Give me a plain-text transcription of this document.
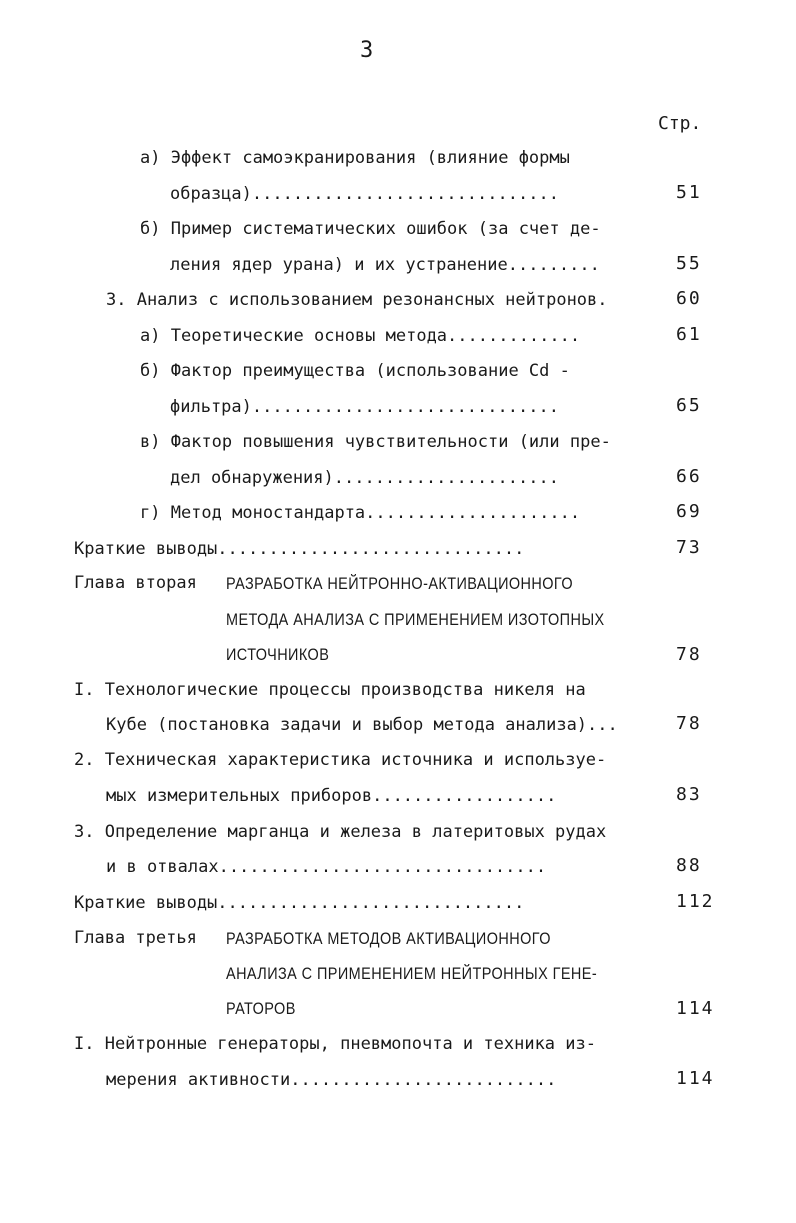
3
Стр.
а) Эффект самоэкранирования (влияние формы
образца)..............................	51
б) Пример систематических ошибок (за счет де-
ления ядер урана) и их устранение.........	55
3. Анализ с использованием резонансных нейтронов.	60
а) Теоретические основы метода.............	61
б) Фактор преимущества (использование Cd -
фильтра)..............................	65
в) Фактор повышения чувствительности (или пре-
дел обнаружения)......................	66
г) Метод моностандарта.....................	69
Краткие выводы..............................	73
Глава вторая РАЗРАБОТКА НЕЙТРОННО-АКТИВАЦИОННОГО
МЕТОДА АНАЛИЗА С ПРИМЕНЕНИЕМ ИЗОТОПНЫХ
ИСТОЧНИКОВ	78
I. Технологические процессы производства никеля на
Кубе (постановка задачи и выбор метода анализа)...	78
2. Техническая характеристика источника и используе-
мых измерительных приборов..................	83
3. Определение марганца и железа в латеритовых рудах
и в отвалах................................	88
Краткие выводы..............................	112
Глава третья РАЗРАБОТКА МЕТОДОВ АКТИВАЦИОННОГО
АНАЛИЗА С ПРИМЕНЕНИЕМ НЕЙТРОННЫХ ГЕНЕ-
РАТОРОВ	114
I. Нейтронные генераторы, пневмопочта и техника из-
мерения активности..........................	114
